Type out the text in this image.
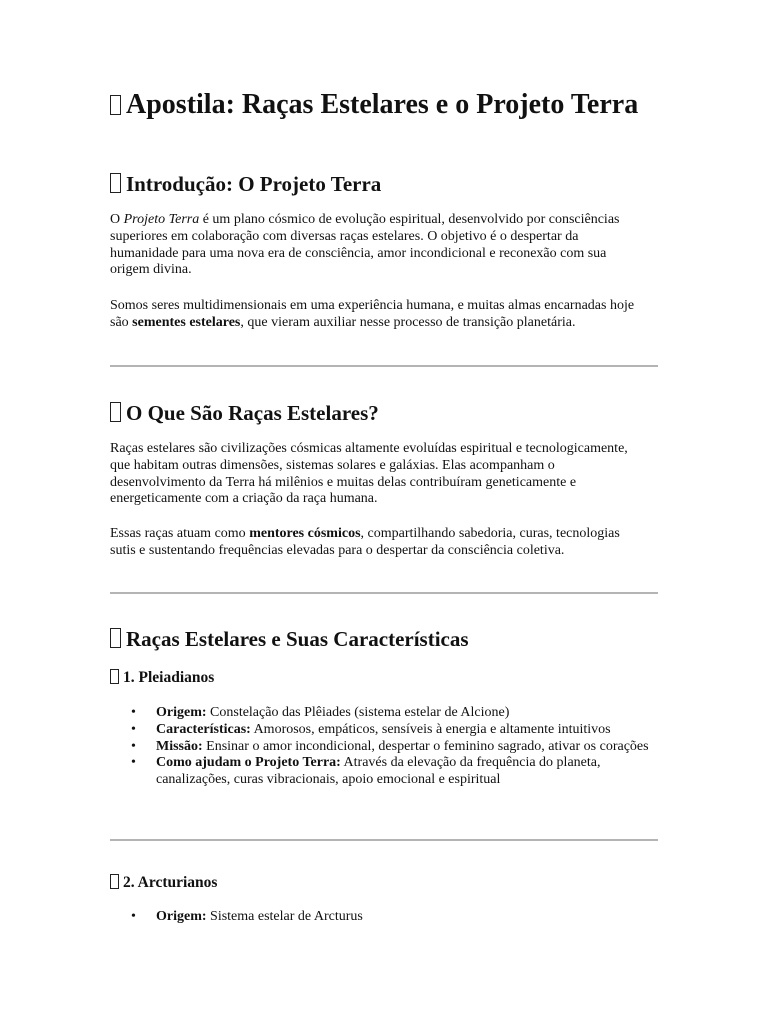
Apostila: Raças Estelares e o Projeto Terra
Introdução: O Projeto Terra

O Projeto Terra é um plano cósmico de evolução espiritual, desenvolvido por consciências superiores em colaboração com diversas raças estelares. O objetivo é o despertar da humanidade para uma nova era de consciência, amor incondicional e reconexão com sua origem divina.

Somos seres multidimensionais em uma experiência humana, e muitas almas encarnadas hoje são sementes estelares, que vieram auxiliar nesse processo de transição planetária.

O Que São Raças Estelares?

Raças estelares são civilizações cósmicas altamente evoluídas espiritual e tecnologicamente, que habitam outras dimensões, sistemas solares e galáxias. Elas acompanham o desenvolvimento da Terra há milênios e muitas delas contribuíram geneticamente e energeticamente com a criação da raça humana.

Essas raças atuam como mentores cósmicos, compartilhando sabedoria, curas, tecnologias sutis e sustentando frequências elevadas para o despertar da consciência coletiva.

Raças Estelares e Suas Características
1. Pleiadianos
• Origem: Constelação das Plêiades (sistema estelar de Alcione)
• Características: Amorosos, empáticos, sensíveis à energia e altamente intuitivos
• Missão: Ensinar o amor incondicional, despertar o feminino sagrado, ativar os corações
• Como ajudam o Projeto Terra: Através da elevação da frequência do planeta, canalizações, curas vibracionais, apoio emocional e espiritual
2. Arcturianos
• Origem: Sistema estelar de Arcturus
